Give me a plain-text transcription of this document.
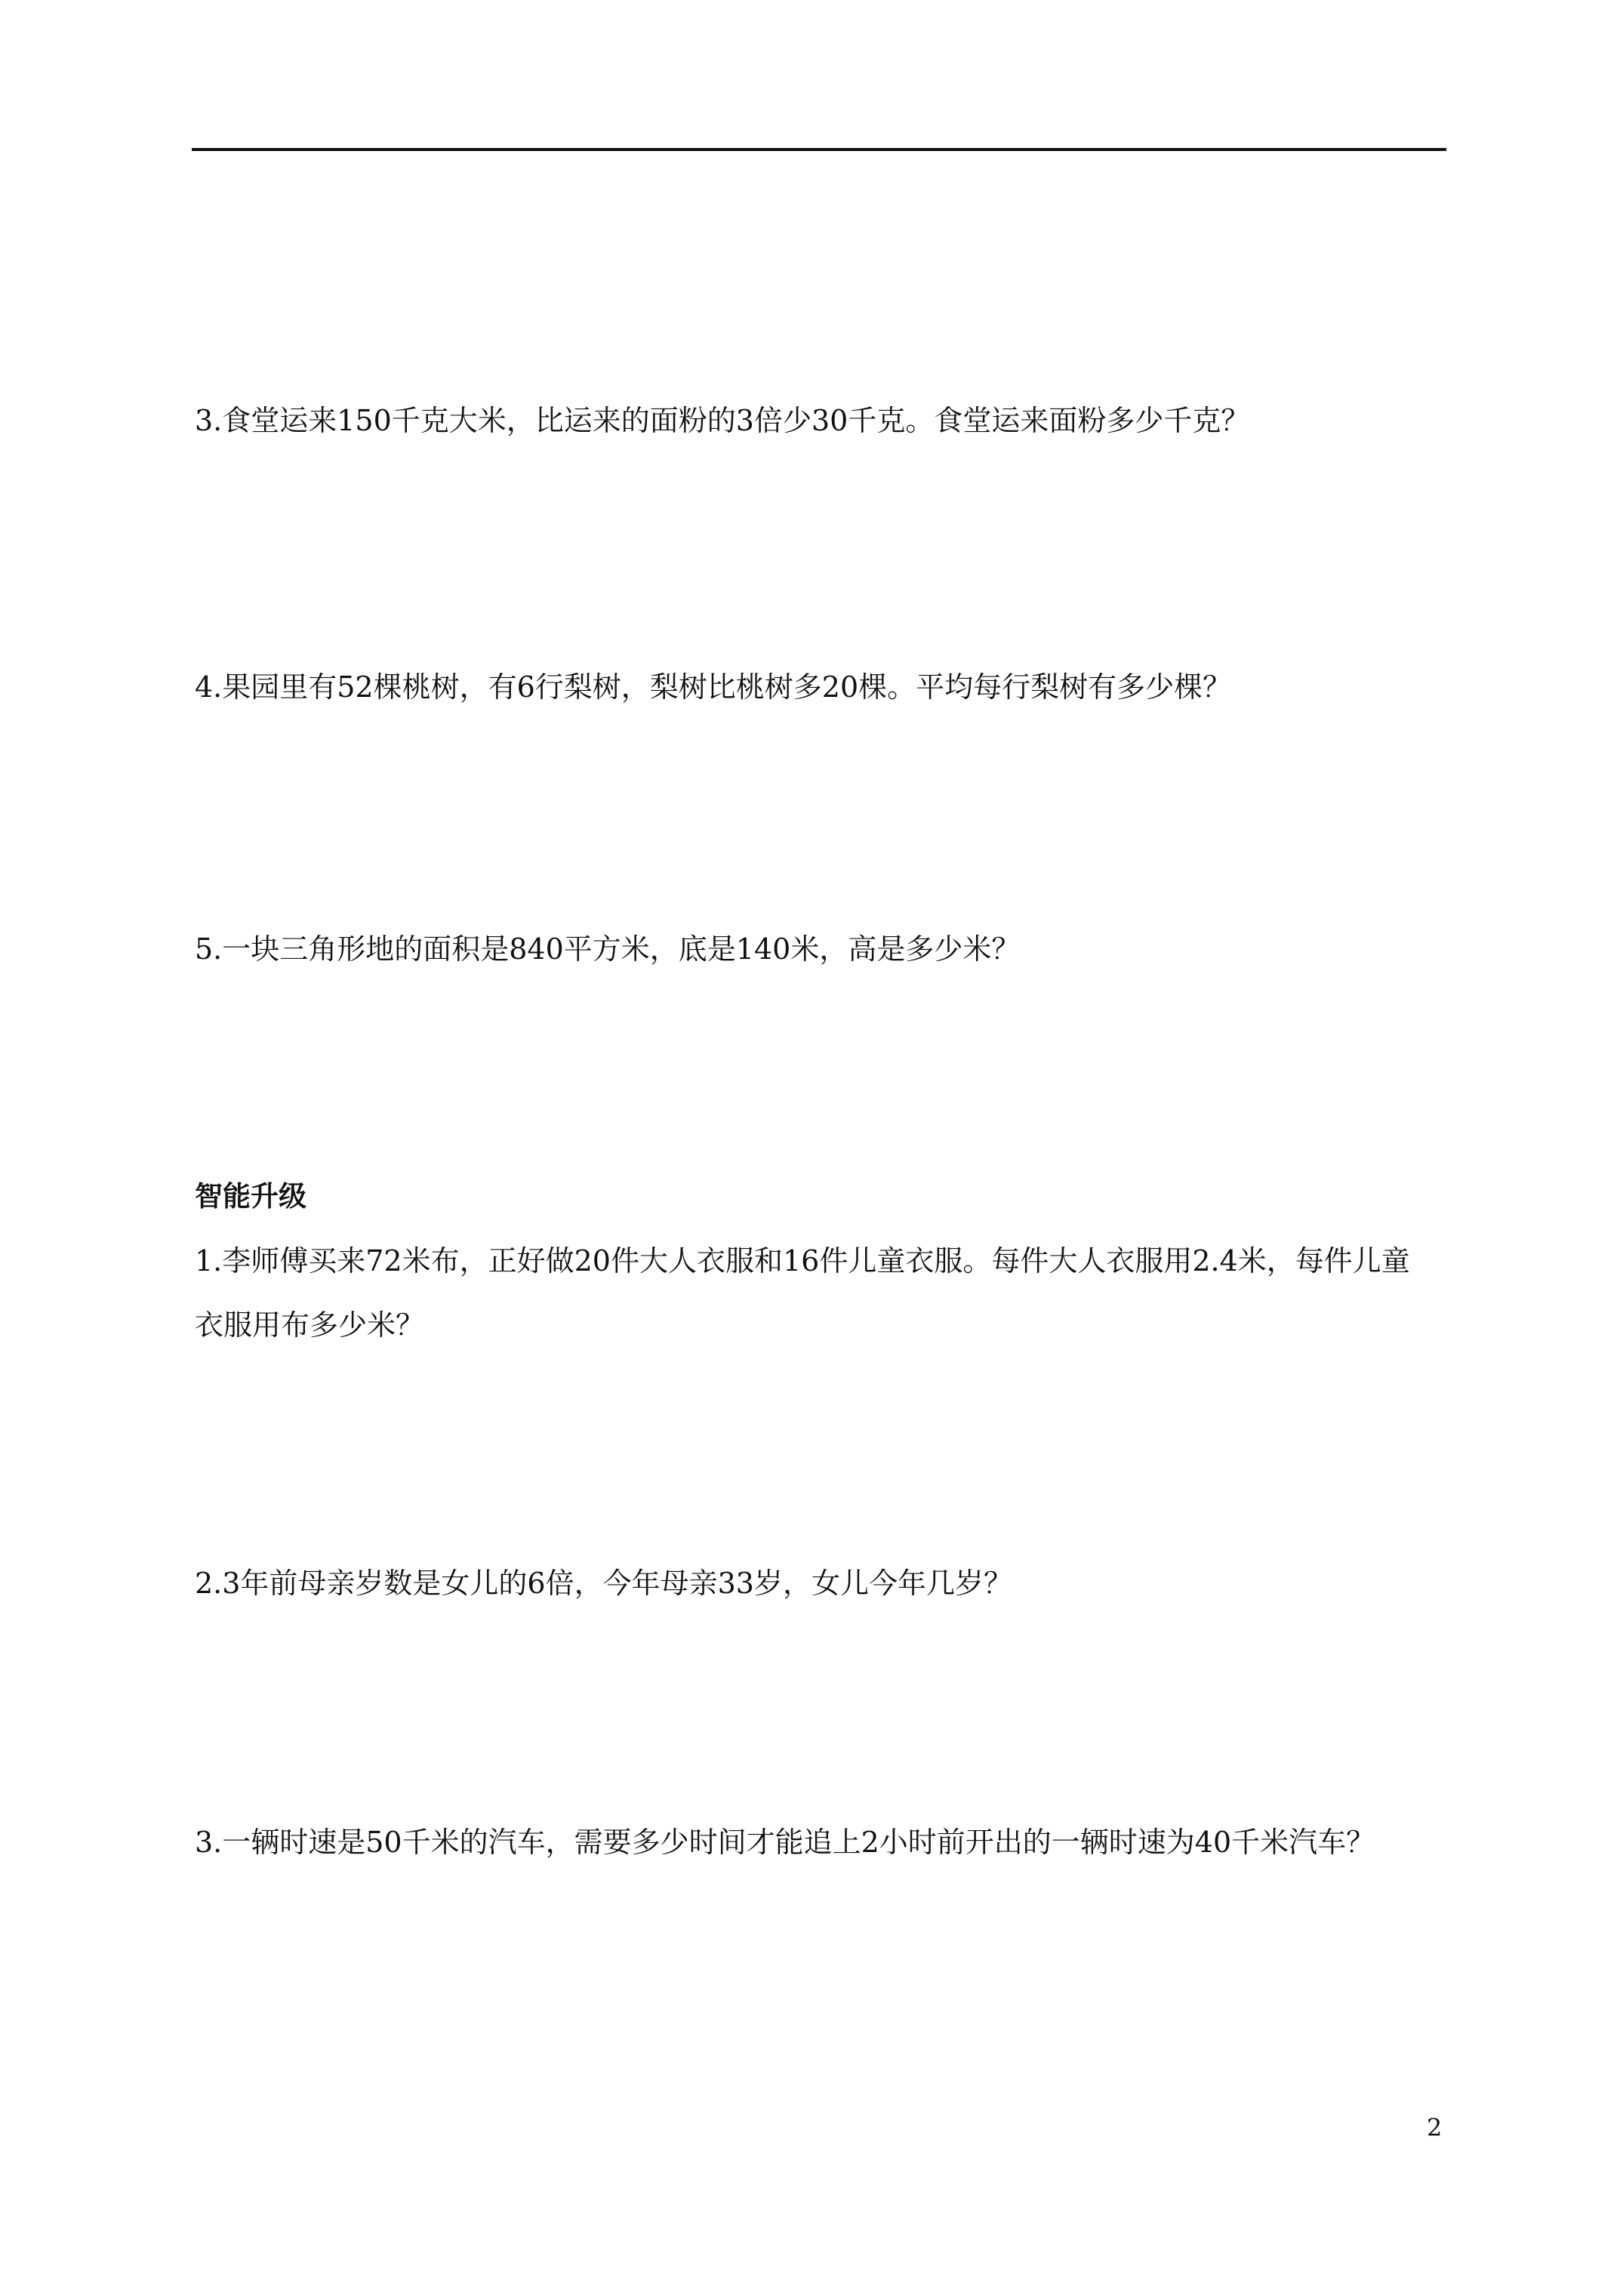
3.食堂运来150千克大米，比运来的面粉的3倍少30千克。食堂运来面粉多少千克？
4.果园里有52棵桃树，有6行梨树，梨树比桃树多20棵。平均每行梨树有多少棵？
5.一块三角形地的面积是840平方米，底是140米，高是多少米？
智能升级
1.李师傅买来72米布，正好做20件大人衣服和16件儿童衣服。每件大人衣服用2.4米，每件儿童
衣服用布多少米？
2.3年前母亲岁数是女儿的6倍，今年母亲33岁，女儿今年几岁？
3.一辆时速是50千米的汽车，需要多少时间才能追上2小时前开出的一辆时速为40千米汽车？
2
